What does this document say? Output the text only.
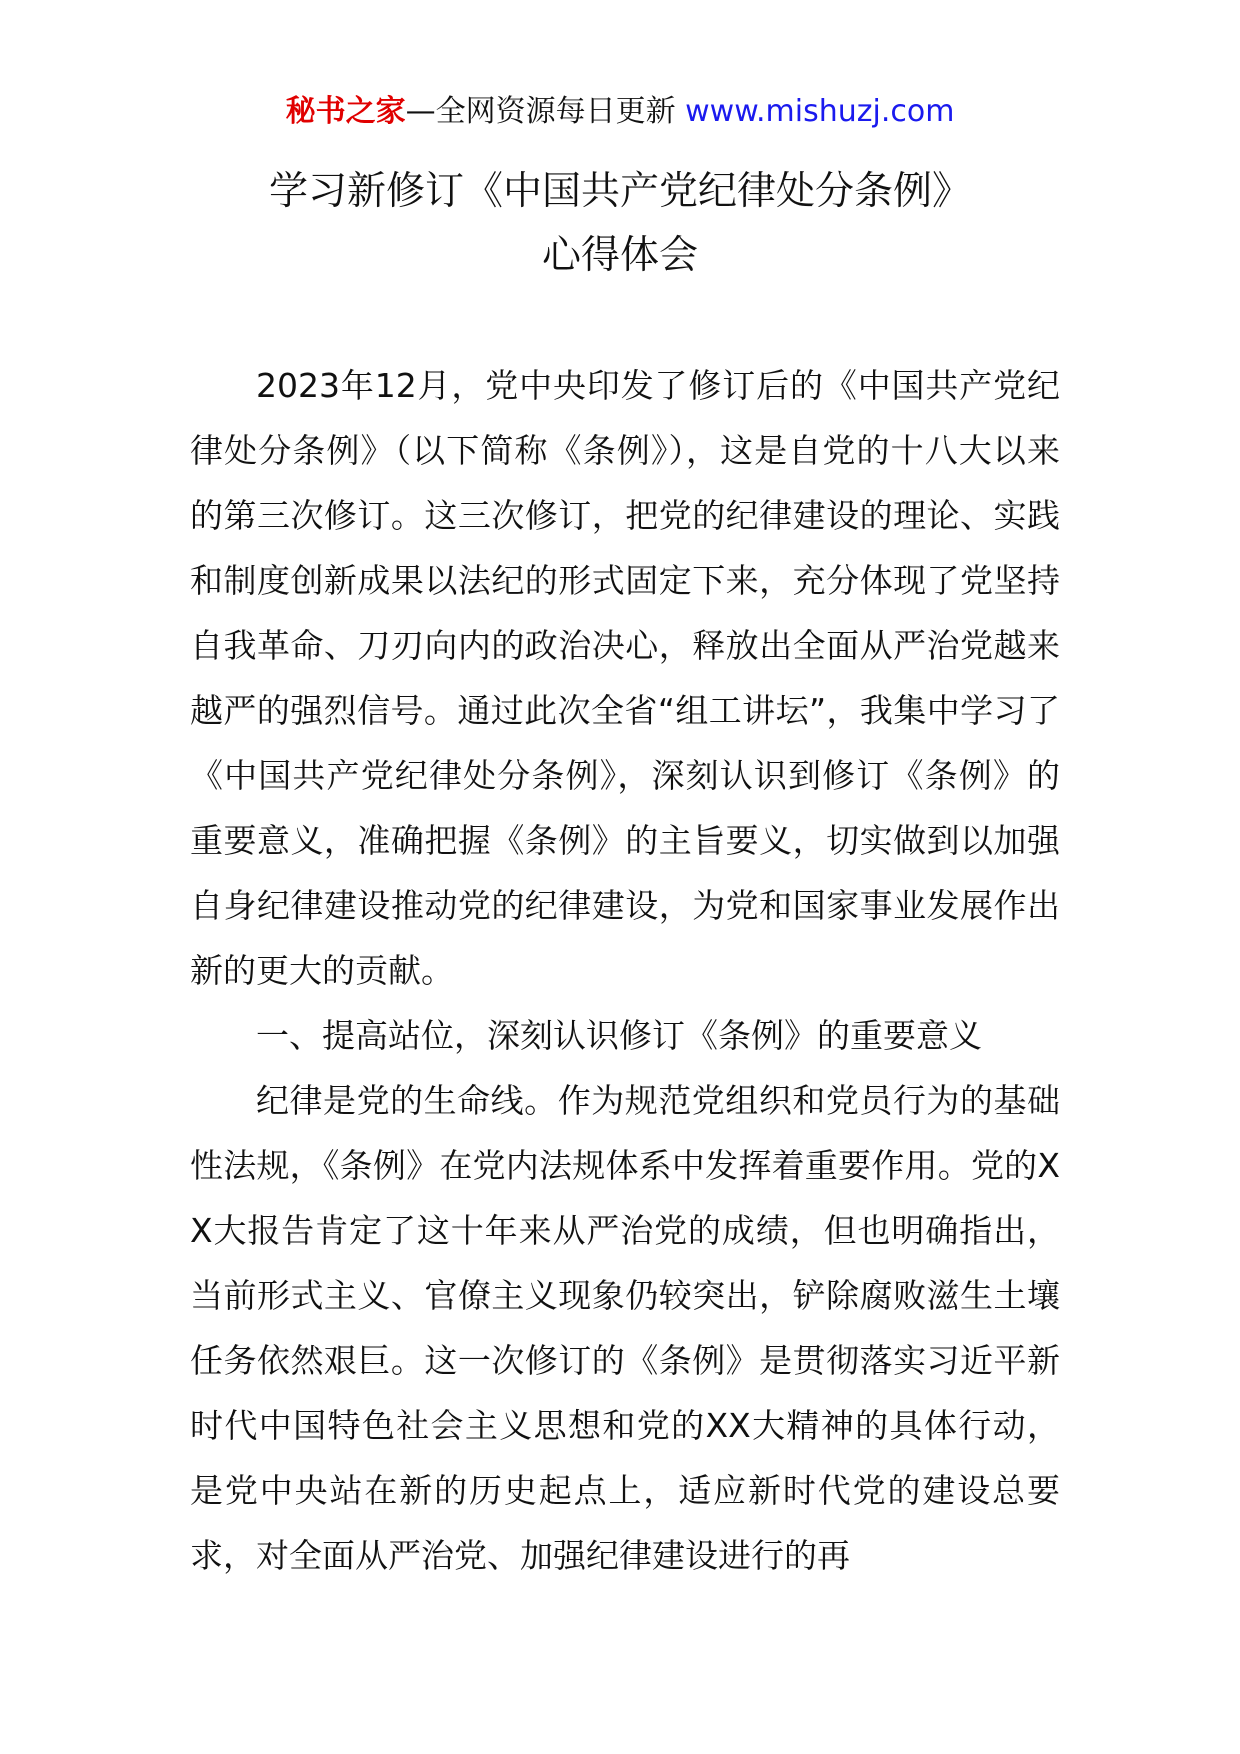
秘书之家—全网资源每日更新 www.mishuzj.com
学习新修订《中国共产党纪律处分条例》
心得体会

2023年12月，党中央印发了修订后的《中国共产党纪律处分条例》（以下简称《条例》），这是自党的十八大以来的第三次修订。这三次修订，把党的纪律建设的理论、实践和制度创新成果以法纪的形式固定下来，充分体现了党坚持自我革命、刀刃向内的政治决心，释放出全面从严治党越来越严的强烈信号。通过此次全省“组工讲坛”，我集中学习了《中国共产党纪律处分条例》，深刻认识到修订《条例》的重要意义，准确把握《条例》的主旨要义，切实做到以加强自身纪律建设推动党的纪律建设，为党和国家事业发展作出新的更大的贡献。

一、提高站位，深刻认识修订《条例》的重要意义

纪律是党的生命线。作为规范党组织和党员行为的基础性法规，《条例》在党内法规体系中发挥着重要作用。党的XX大报告肯定了这十年来从严治党的成绩，但也明确指出，当前形式主义、官僚主义现象仍较突出，铲除腐败滋生土壤任务依然艰巨。这一次修订的《条例》是贯彻落实习近平新时代中国特色社会主义思想和党的XX大精神的具体行动，是党中央站在新的历史起点上，适应新时代党的建设总要求，对全面从严治党、加强纪律建设进行的再
